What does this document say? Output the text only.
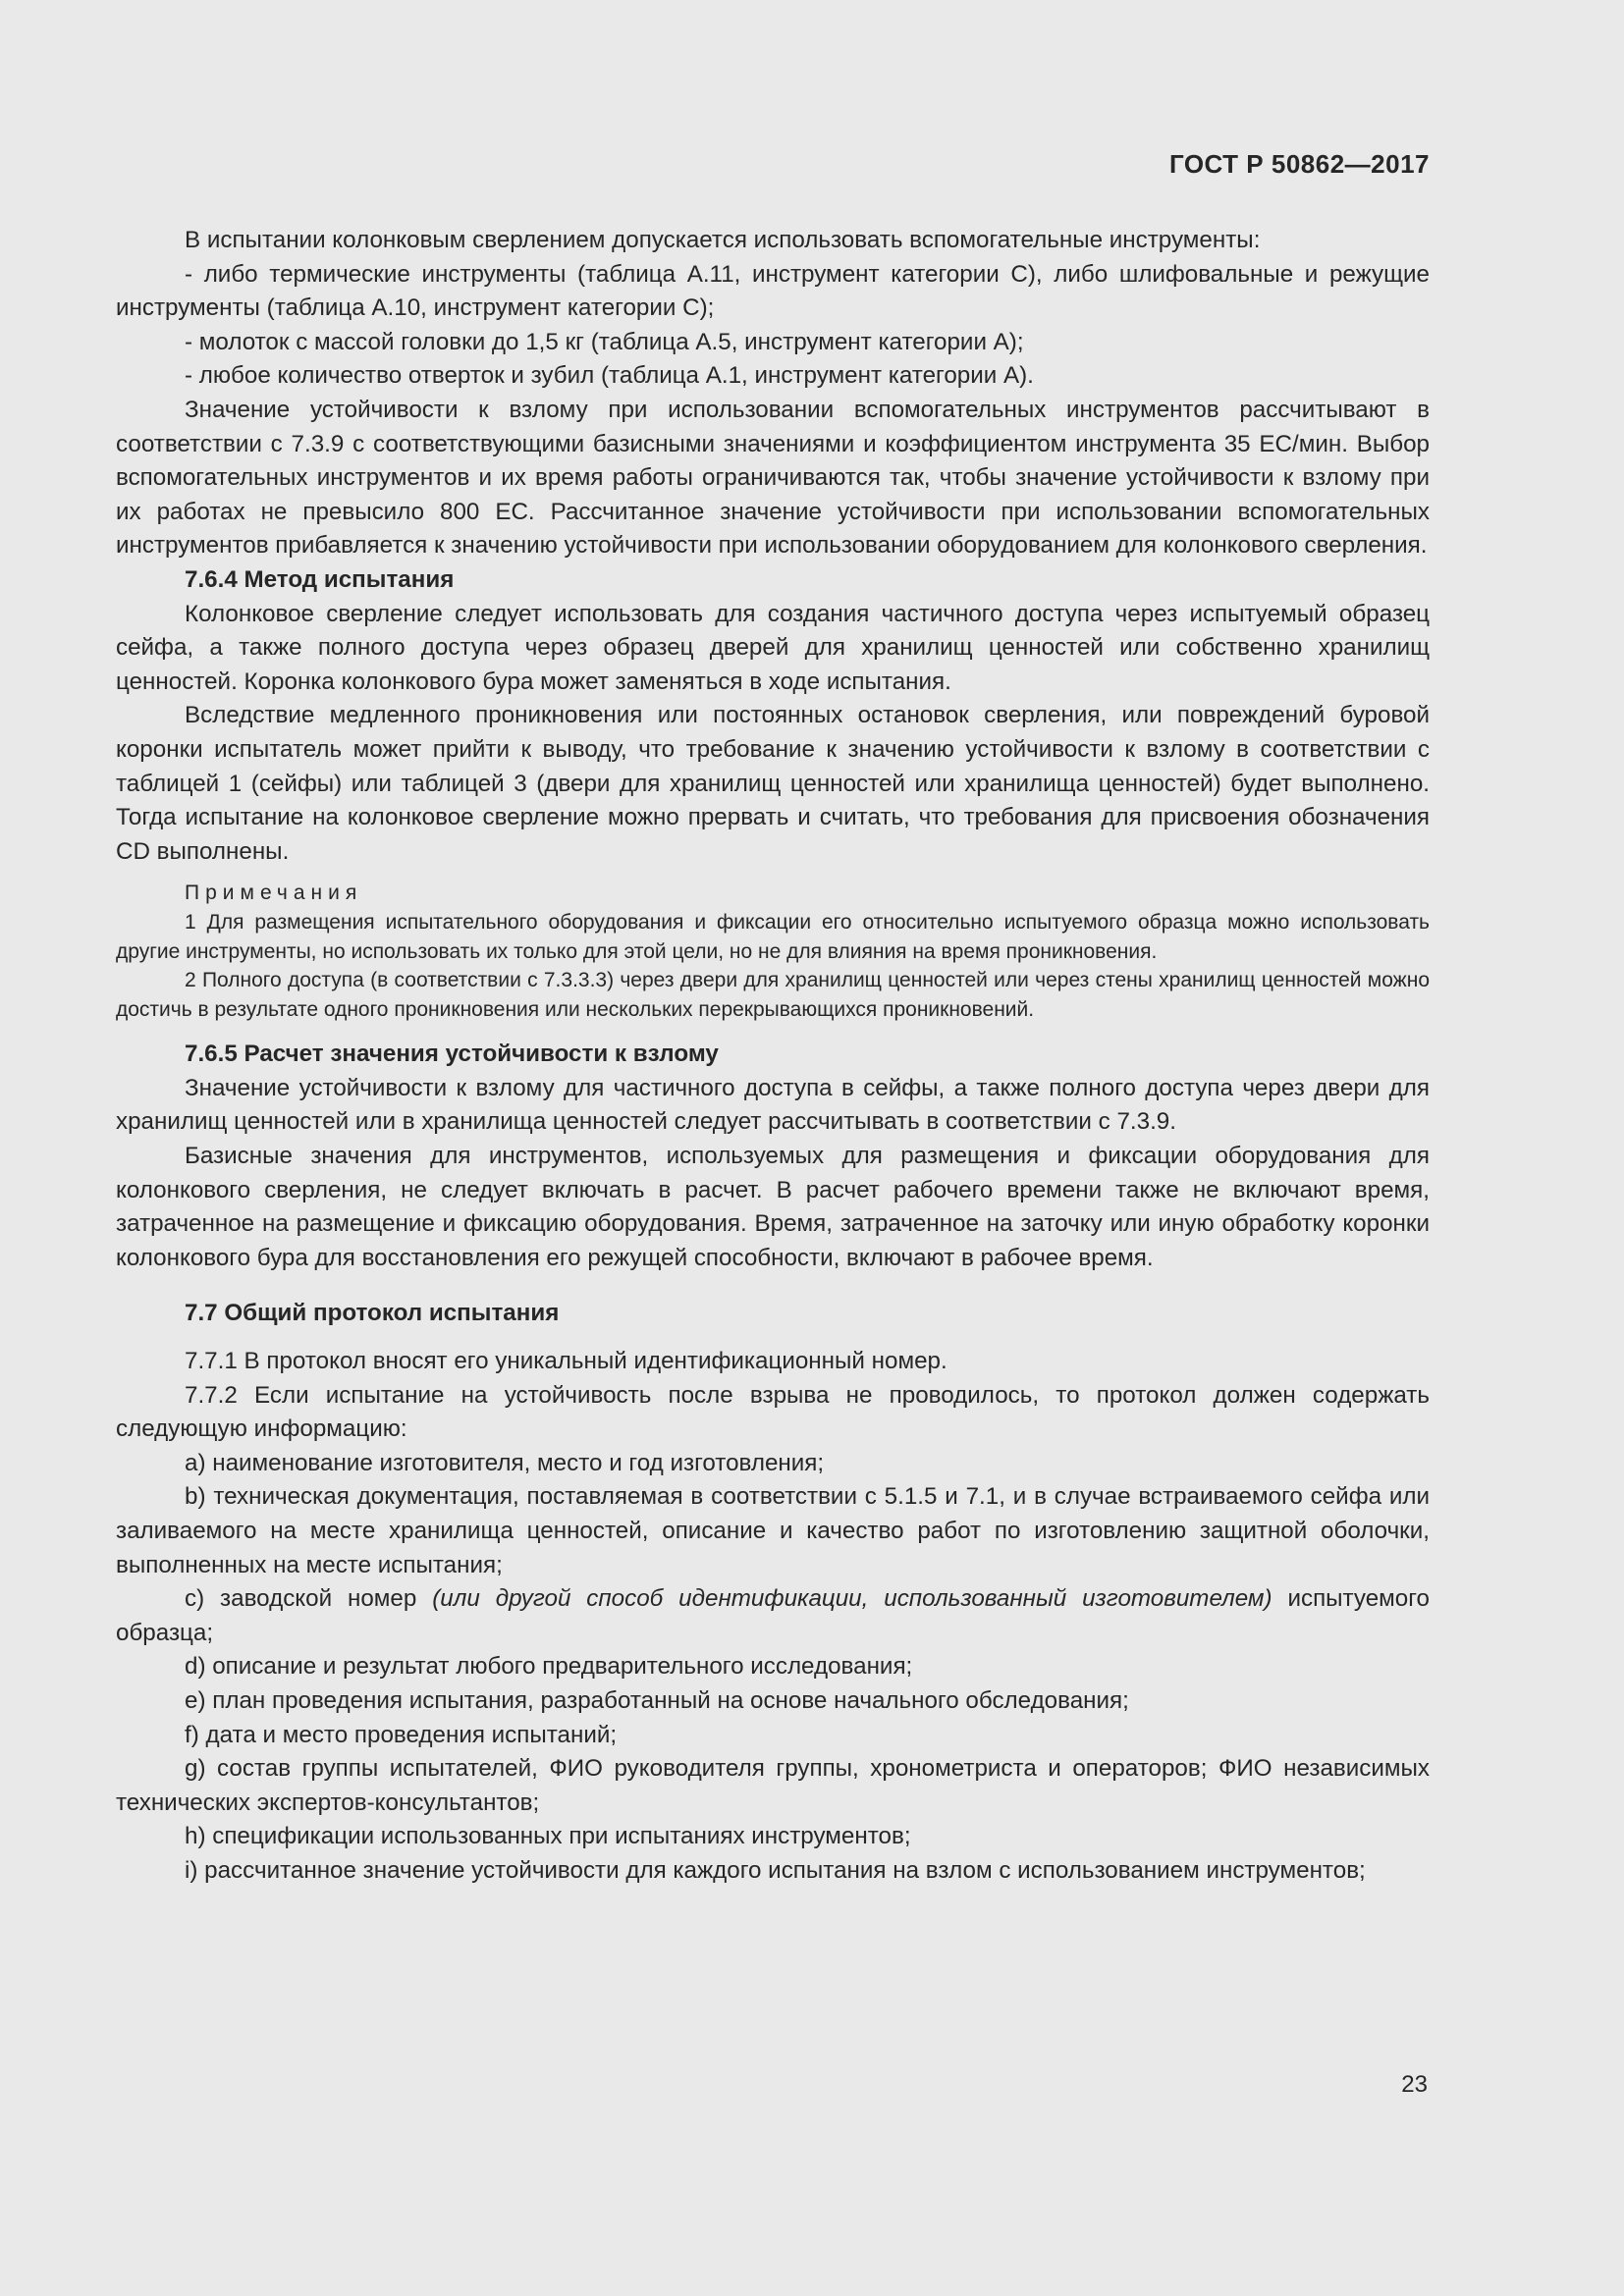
ГОСТ Р 50862—2017

В испытании колонковым сверлением допускается использовать вспомогательные инструменты:

- либо термические инструменты (таблица А.11, инструмент категории С), либо шлифовальные и режущие инструменты (таблица А.10, инструмент категории С);

- молоток с массой головки до 1,5 кг (таблица А.5, инструмент категории А);

- любое количество отверток и зубил (таблица А.1, инструмент категории А).

Значение устойчивости к взлому при использовании вспомогательных инструментов рассчитывают в соответствии с 7.3.9 с соответствующими базисными значениями и коэффициентом инструмента 35 ЕС/мин. Выбор вспомогательных инструментов и их время работы ограничиваются так, чтобы значение устойчивости к взлому при их работах не превысило 800 ЕС. Рассчитанное значение устойчивости при использовании вспомогательных инструментов прибавляется к значению устойчивости при использовании оборудованием для колонкового сверления.

7.6.4 Метод испытания

Колонковое сверление следует использовать для создания частичного доступа через испытуемый образец сейфа, а также полного доступа через образец дверей для хранилищ ценностей или собственно хранилищ ценностей. Коронка колонкового бура может заменяться в ходе испытания.

Вследствие медленного проникновения или постоянных остановок сверления, или повреждений буровой коронки испытатель может прийти к выводу, что требование к значению устойчивости к взлому в соответствии с таблицей 1 (сейфы) или таблицей 3 (двери для хранилищ ценностей или хранилища ценностей) будет выполнено. Тогда испытание на колонковое сверление можно прервать и считать, что требования для присвоения обозначения CD выполнены.

Примечания

1 Для размещения испытательного оборудования и фиксации его относительно испытуемого образца можно использовать другие инструменты, но использовать их только для этой цели, но не для влияния на время проникновения.

2 Полного доступа (в соответствии с 7.3.3.3) через двери для хранилищ ценностей или через стены хранилищ ценностей можно достичь в результате одного проникновения или нескольких перекрывающихся проникновений.

7.6.5 Расчет значения устойчивости к взлому

Значение устойчивости к взлому для частичного доступа в сейфы, а также полного доступа через двери для хранилищ ценностей или в хранилища ценностей следует рассчитывать в соответствии с 7.3.9.

Базисные значения для инструментов, используемых для размещения и фиксации оборудования для колонкового сверления, не следует включать в расчет. В расчет рабочего времени также не включают время, затраченное на размещение и фиксацию оборудования. Время, затраченное на заточку или иную обработку коронки колонкового бура для восстановления его режущей способности, включают в рабочее время.

7.7 Общий протокол испытания

7.7.1 В протокол вносят его уникальный идентификационный номер.

7.7.2 Если испытание на устойчивость после взрыва не проводилось, то протокол должен содержать следующую информацию:

a) наименование изготовителя, место и год изготовления;

b) техническая документация, поставляемая в соответствии с 5.1.5 и 7.1, и в случае встраиваемого сейфа или заливаемого на месте хранилища ценностей, описание и качество работ по изготовлению защитной оболочки, выполненных на месте испытания;

c) заводской номер (или другой способ идентификации, использованный изготовителем) испытуемого образца;

d) описание и результат любого предварительного исследования;

e) план проведения испытания, разработанный на основе начального обследования;

f) дата и место проведения испытаний;

g) состав группы испытателей, ФИО руководителя группы, хронометриста и операторов; ФИО независимых технических экспертов-консультантов;

h) спецификации использованных при испытаниях инструментов;

i) рассчитанное значение устойчивости для каждого испытания на взлом с использованием инструментов;

23
